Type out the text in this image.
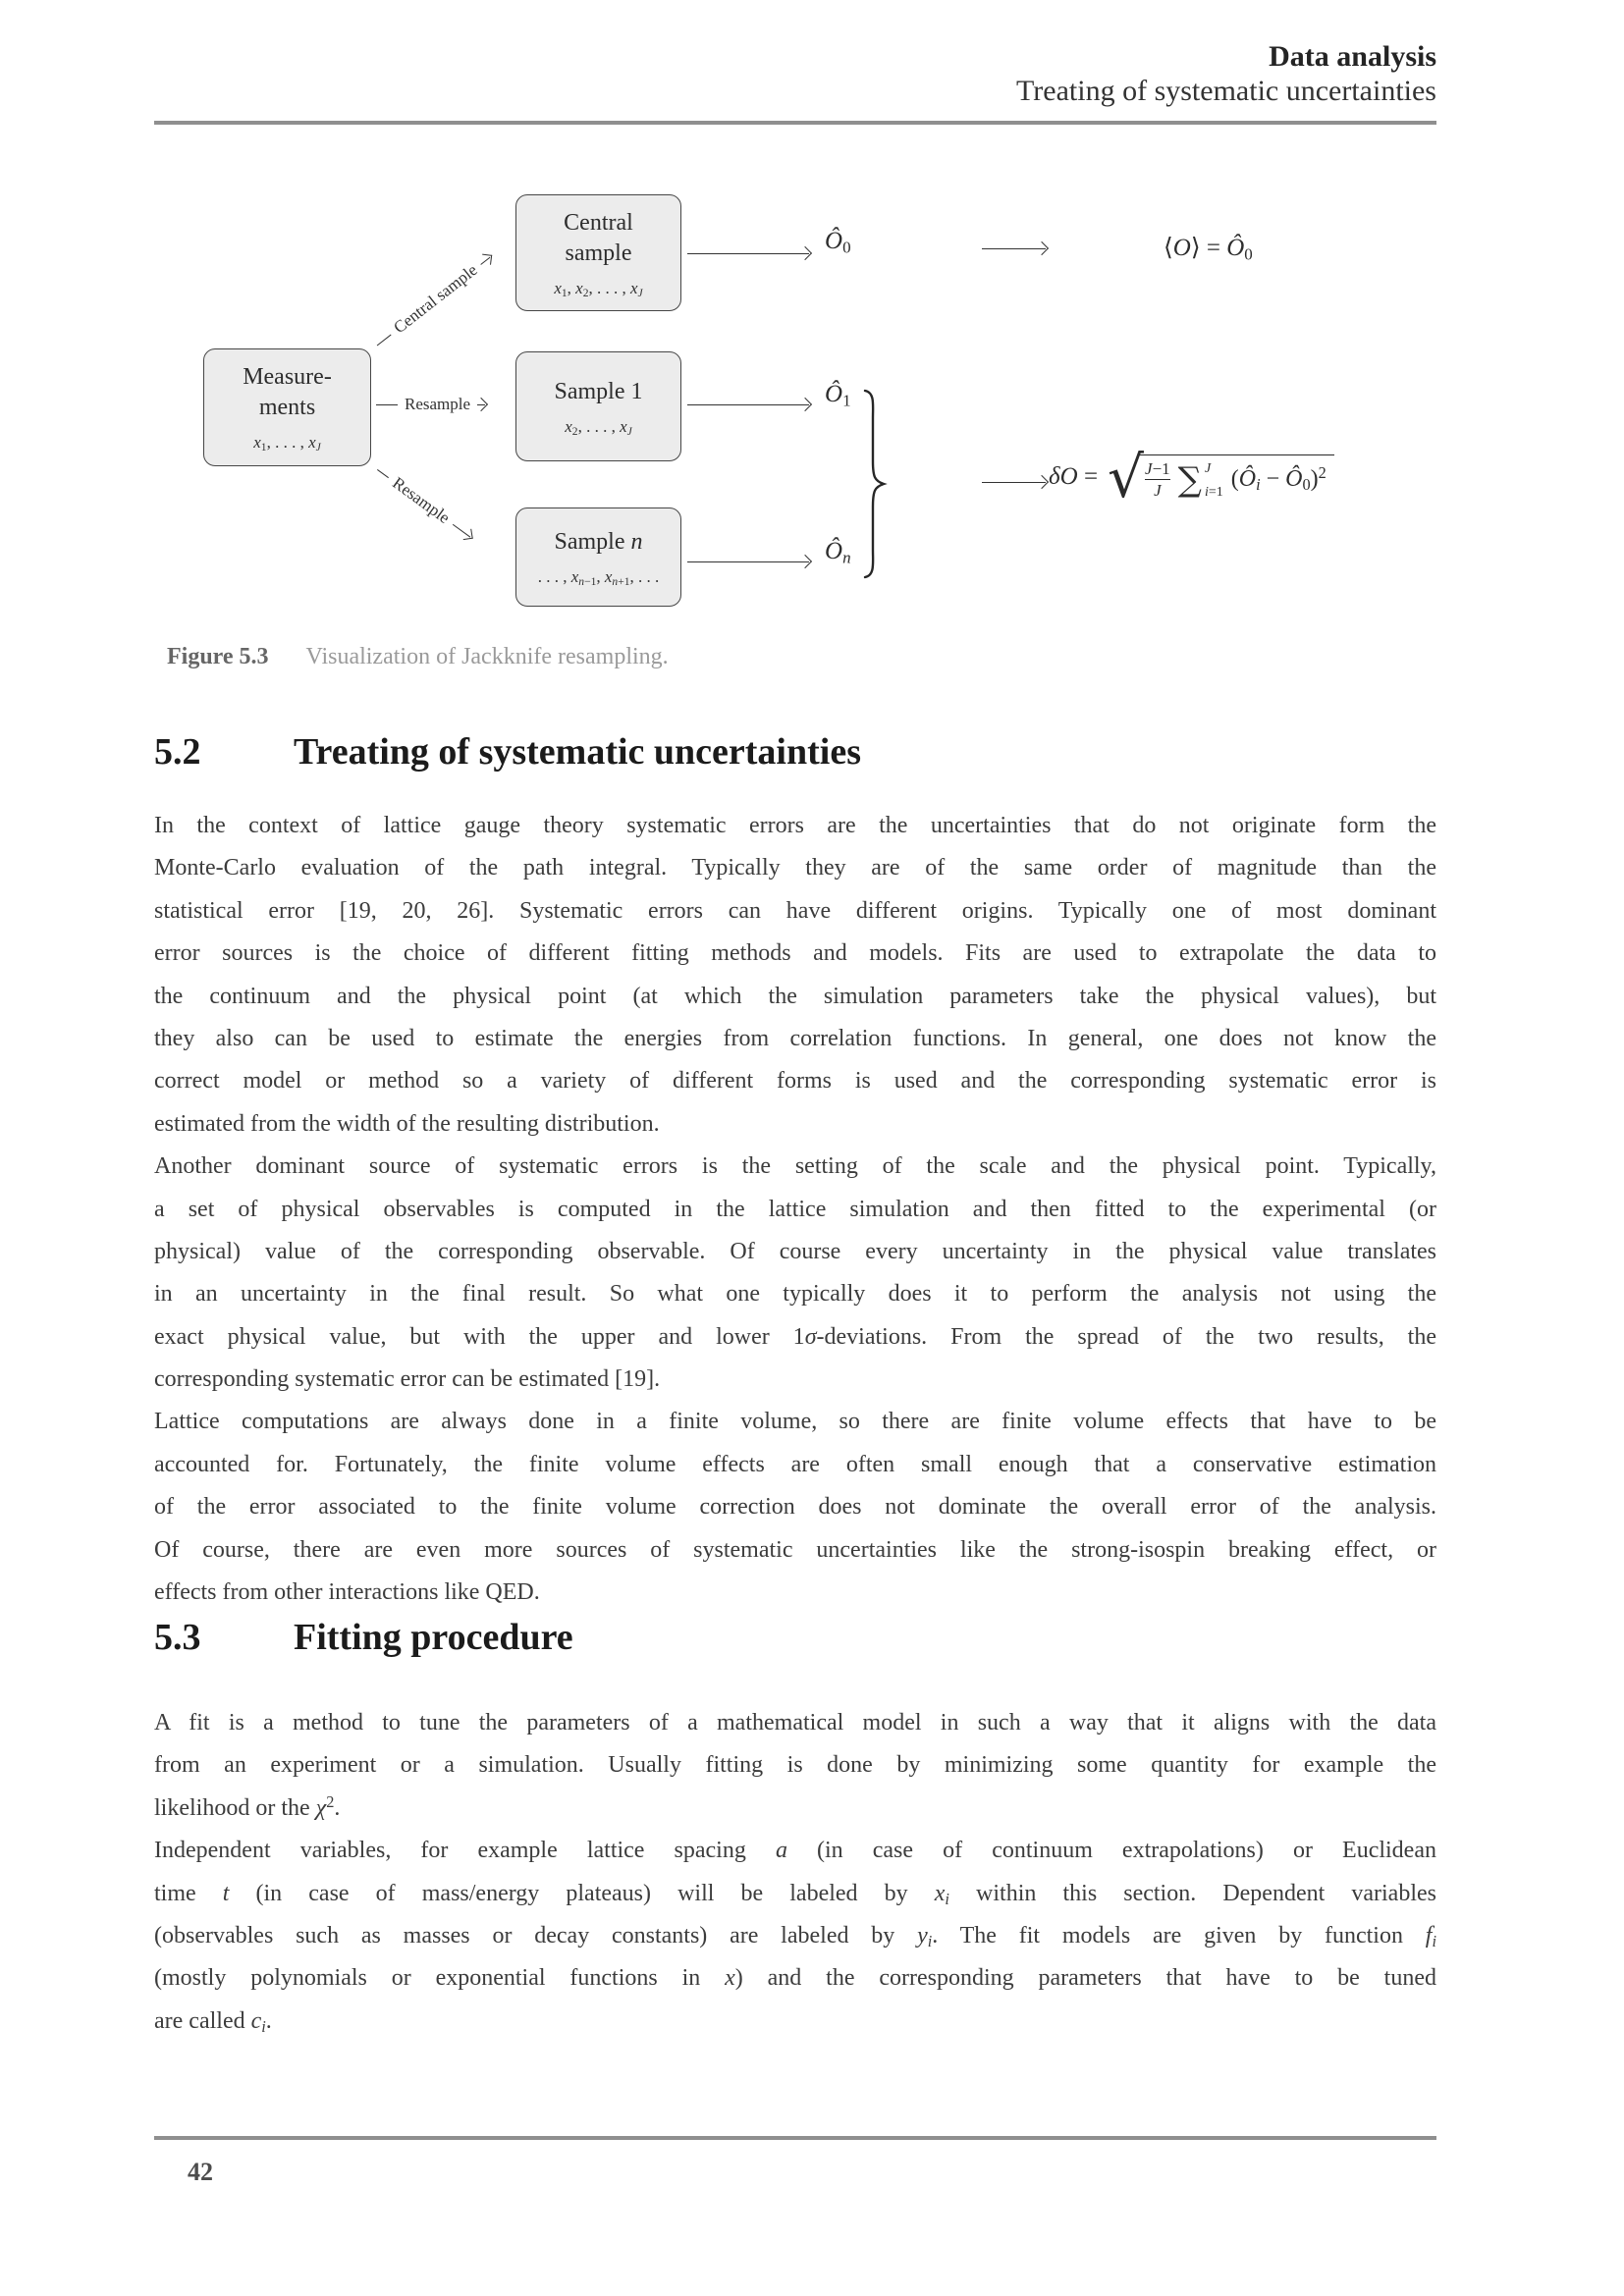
Data analysis
Treating of systematic uncertainties
Measure-
ments
$x_1$, . . . , $x_J$
Central
sample
$x_1$, $x_2$, . . . , $x_J$
Sample 1
$x_2$, . . . , $x_J$
Sample n
. . . , $x_{n-1}$, $x_{n+1}$, . . .
Central sample
Resample
Resample
$Ô_0$
$Ô_1$
$Ô_n$
⟨O⟩ = $Ô_0$
δO = √ $\frac{J-1}{J}$ ∑ J
i=1 ($Ô_i$ − $Ô_0)^2$
Figure 5.3 Visualization of Jackknife resampling.
5.2 Treating of systematic uncertainties
In the context of lattice gauge theory systematic errors are the uncertainties that do not originate form the
Monte-Carlo evaluation of the path integral. Typically they are of the same order of magnitude than the
statistical error [19, 20, 26]. Systematic errors can have different origins. Typically one of most dominant
error sources is the choice of different fitting methods and models. Fits are used to extrapolate the data to
the continuum and the physical point (at which the simulation parameters take the physical values), but
they also can be used to estimate the energies from correlation functions. In general, one does not know the
correct model or method so a variety of different forms is used and the corresponding systematic error is
estimated from the width of the resulting distribution.
Another dominant source of systematic errors is the setting of the scale and the physical point. Typically,
a set of physical observables is computed in the lattice simulation and then fitted to the experimental (or
physical) value of the corresponding observable. Of course every uncertainty in the physical value translates
in an uncertainty in the final result. So what one typically does it to perform the analysis not using the
exact physical value, but with the upper and lower 1σ-deviations. From the spread of the two results, the
corresponding systematic error can be estimated [19].
Lattice computations are always done in a finite volume, so there are finite volume effects that have to be
accounted for. Fortunately, the finite volume effects are often small enough that a conservative estimation
of the error associated to the finite volume correction does not dominate the overall error of the analysis.
Of course, there are even more sources of systematic uncertainties like the strong-isospin breaking effect, or
effects from other interactions like QED.
5.3 Fitting procedure
A fit is a method to tune the parameters of a mathematical model in such a way that it aligns with the data
from an experiment or a simulation. Usually fitting is done by minimizing some quantity for example the
likelihood or the $\chi^2$.
Independent variables, for example lattice spacing a (in case of continuum extrapolations) or Euclidean
time t (in case of mass/energy plateaus) will be labeled by $x_i$ within this section. Dependent variables
(observables such as masses or decay constants) are labeled by $y_i$. The fit models are given by function $f_i$
(mostly polynomials or exponential functions in x) and the corresponding parameters that have to be tuned
are called $c_i$.
42
